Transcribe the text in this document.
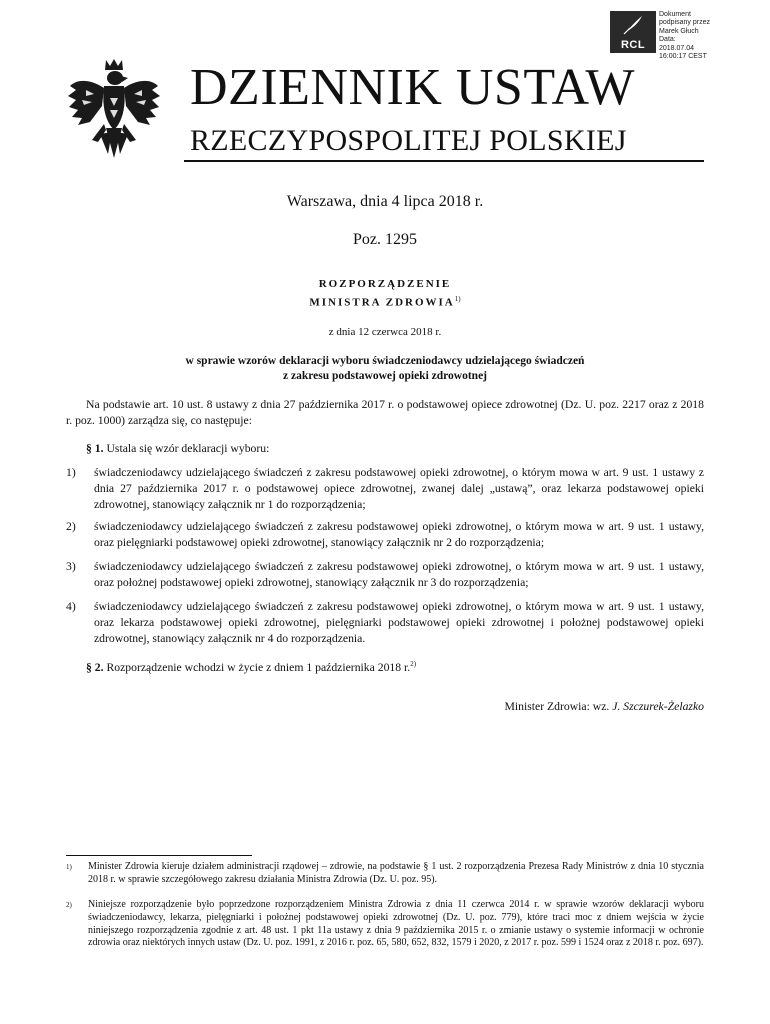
RCL
Dokument
podpisany przez
Marek Głuch
Data:
2018.07.04
16:00:17 CEST
DZIENNIK USTAW
RZECZYPOSPOLITEJ POLSKIEJ
Warszawa, dnia 4 lipca 2018 r.
Poz. 1295
ROZPORZĄDZENIE
MINISTRA ZDROWIA$^{1)}$
z dnia 12 czerwca 2018 r.
w sprawie wzorów deklaracji wyboru świadczeniodawcy udzielającego świadczeń
z zakresu podstawowej opieki zdrowotnej
Na podstawie art. 10 ust. 8 ustawy z dnia 27 października 2017 r. o podstawowej opiece zdrowotnej (Dz. U. poz. 2217 oraz z 2018 r. poz. 1000) zarządza się, co następuje:
§ 1. Ustala się wzór deklaracji wyboru:
1) świadczeniodawcy udzielającego świadczeń z zakresu podstawowej opieki zdrowotnej, o którym mowa w art. 9 ust. 1 ustawy z dnia 27 października 2017 r. o podstawowej opiece zdrowotnej, zwanej dalej „ustawą”, oraz lekarza podstawowej opieki zdrowotnej, stanowiący załącznik nr 1 do rozporządzenia;
2) świadczeniodawcy udzielającego świadczeń z zakresu podstawowej opieki zdrowotnej, o którym mowa w art. 9 ust. 1 ustawy, oraz pielęgniarki podstawowej opieki zdrowotnej, stanowiący załącznik nr 2 do rozporządzenia;
3) świadczeniodawcy udzielającego świadczeń z zakresu podstawowej opieki zdrowotnej, o którym mowa w art. 9 ust. 1 ustawy, oraz położnej podstawowej opieki zdrowotnej, stanowiący załącznik nr 3 do rozporządzenia;
4) świadczeniodawcy udzielającego świadczeń z zakresu podstawowej opieki zdrowotnej, o którym mowa w art. 9 ust. 1 ustawy, oraz lekarza podstawowej opieki zdrowotnej, pielęgniarki podstawowej opieki zdrowotnej i położnej podstawowej opieki zdrowotnej, stanowiący załącznik nr 4 do rozporządzenia.
§ 2. Rozporządzenie wchodzi w życie z dniem 1 października 2018 r.$^{2)}$
Minister Zdrowia: wz. J. Szczurek-Żelazko
1) Minister Zdrowia kieruje działem administracji rządowej – zdrowie, na podstawie § 1 ust. 2 rozporządzenia Prezesa Rady Ministrów z dnia 10 stycznia 2018 r. w sprawie szczegółowego zakresu działania Ministra Zdrowia (Dz. U. poz. 95).
2) Niniejsze rozporządzenie było poprzedzone rozporządzeniem Ministra Zdrowia z dnia 11 czerwca 2014 r. w sprawie wzorów deklaracji wyboru świadczeniodawcy, lekarza, pielęgniarki i położnej podstawowej opieki zdrowotnej (Dz. U. poz. 779), które traci moc z dniem wejścia w życie niniejszego rozporządzenia zgodnie z art. 48 ust. 1 pkt 11a ustawy z dnia 9 października 2015 r. o zmianie ustawy o systemie informacji w ochronie zdrowia oraz niektórych innych ustaw (Dz. U. poz. 1991, z 2016 r. poz. 65, 580, 652, 832, 1579 i 2020, z 2017 r. poz. 599 i 1524 oraz z 2018 r. poz. 697).
